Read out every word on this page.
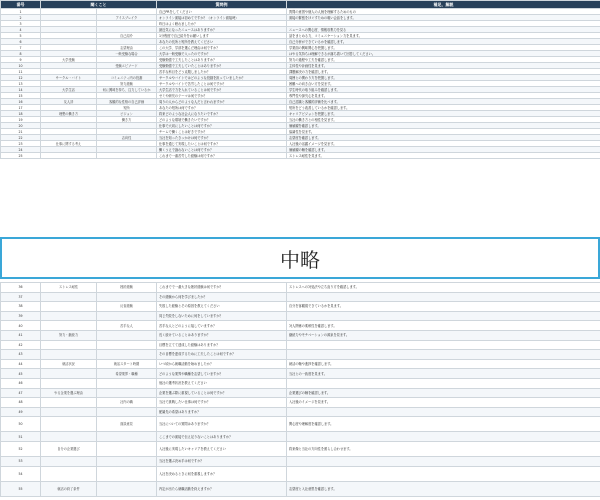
番号	聞くこと		質問例	補足、解説
1			自己PRをしてください	質問の意図や個人の人柄を理解するためのもの
2		アイスブレイク	オンライン面接は初めてですか？（オンライン面接時）	面接の緊張をほぐすための軽い会話をします。
3			昨日はよく眠れましたか？	
4			最近気になったニュースはありますか？	ニュースへの関心度、情報収集力を見る
5		自己紹介	1分程度で自己紹介をお願いします	話をまとめる力、コミュニケーション力を見ます。
6			あなたの長所と短所を教えてください	自己分析ができているかを確認します。
7		志望理由	この大学、学部を選んだ理由は何ですか？	学業面の興味関心を把握します。
8		一般受験な場合	大学は一般受験で入ったのですか？	はやる気持ちは理解できるが落ち着いて回答してください。
9	大学受験		受験勉強で工夫したことはありますか？	努力の過程や工夫を確認します。
10		受験エピソード	受験勉強で工夫していたことはありますか？	主体性や計画性を見ます。
11			苦手な科目をどう克服しましたか？	課題解決の力を確認します。
12	サークル・バイト	コミュニティ内の役割	サークルやバイトではどのような役割を担っていましたか？	周囲との関わり方を把握します。
13		努力経験	サークルやバイトで苦労したことは何ですか？	困難への向き合い方を見ます。
14	大学生活	何に興味を持ち、注力しているか	大学生活で力を入れていることは何ですか？	学生時代の取り組みを確認します。
15			ゼミや研究のテーマは何ですか？	専門性や探究心を見ます。
16	友人評	客観的な性格の自己評価	周りの人からどのような人だと言われますか？	自己認識と客観的評価を比べます。
17		短所	あなたの短所は何ですか？	短所をどう改善しているかを確認します。
18	理想の働き方	ビジョン	将来どのような社会人になりたいですか？	キャリアビジョンを把握します。
19		働き方	どのような環境で働きたいですか？	当社の働き方との相性を見ます。
20			仕事で大切にしたいことは何ですか？	価値観を確認します。
21			チームで働くことは好きですか？	協調性を見ます。
22		志向性	当社を知ったきっかけは何ですか？	志望度を確認します。
23	仕事に関する考え		仕事を通じて実現したいことは何ですか？	入社後の活躍イメージを見ます。
24			働くうえで譲れないことは何ですか？	価値観の軸を確認します。
25			これまで一番苦労した経験は何ですか？	ストレス耐性を見ます。
中略
36	ストレス耐性	挫折経験	これまでで一番大きな挫折経験は何ですか？	ストレスへの対処法や立ち直り方を確認します。
37			その経験から何を学びましたか？	
38		反省経験	失敗した経験とその原因を教えてください	自分を客観視できているかを見ます。
39			同じ失敗をしないために何をしていますか？	
40		苦手な人	苦手な人とどのように接していますか？	対人関係の柔軟性を確認します。
41	努力・継続力		長く続けていることはありますか？	継続力やモチベーションの源泉を見ます。
42			目標を立てて達成した経験はありますか？	
43			その目標を達成するために工夫したことは何ですか？	
44	就活状況	就活スタート時期	いつ頃から就職活動を始めましたか？	就活の軸や進捗を確認します。
45		希望業界・職種	どのような業界や職種を志望していますか？	当社との一致度を見ます。
46			他社の選考状況を教えてください	
47	やる企業を選ぶ理由		企業を選ぶ際に重視していることは何ですか？	企業選びの軸を確認します。
48		社内の職	当社で挑戦したい仕事は何ですか？	入社後のイメージを見ます。
49			配属先の希望はありますか？	
50		面談意見	当社についての質問はありますか？	関心度や理解度を確認します。
51			ここまでの面接で伝え足りないことはありますか？	
52	自分の企業選び		入社後に実現したいキャリアを教えてください	将来像と当社の方向性を照らし合わせます。
53			当社を選ぶ決め手は何ですか？	
54			入社を決めるときに何を重視しますか？	
55	就活の終了条件		内定が出たら就職活動を終えますか？	志望度と入社意思を確認します。
